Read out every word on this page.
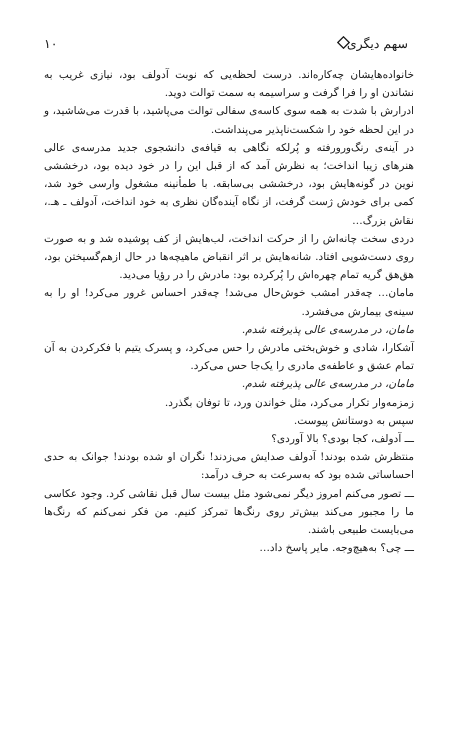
سهم دیگری
۱۰

خانواده‌هایشان چه‌کاره‌اند. درست لحظه‌یی که نوبت آدولف بود، نیازی غریب به نشاندن او را فرا گرفت و سراسیمه به سمت توالت دوید.

ادرارش با شدت به همه سوی کاسه‌ی سفالی توالت می‌پاشید، با قدرت می‌شاشید، و در این لحظه خود را شکست‌ناپذیر می‌پنداشت.

در آینه‌ی رنگ‌ورورفته و پُرلکه نگاهی به قیافه‌ی دانشجوی جدید مدرسه‌ی عالی هنرهای زیبا انداخت؛ به نظرش آمد که از قبل این را در خود دیده بود، درخششی نوین در گونه‌هایش بود، درخششی بی‌سابقه. با طمأنینه مشغول وارسی خود شد، کمی برای خودش ژست گرفت، از نگاه آینده‌گان نظری به خود انداخت، آدولف ـ هـ.، نقاش بزرگ…

دردی سخت چانه‌اش را از حرکت انداخت، لب‌هایش از کف پوشیده شد و به صورت روی دست‌شویی افتاد. شانه‌هایش بر اثر انقباض ماهیچه‌ها در حال ازهم‌گسیختن بود، هق‌هق گریه تمام چهره‌اش را پُرکرده بود: مادرش را در رؤیا می‌دید.

ماما‌ن… چه‌قدر امشب خوش‌حال می‌شد! چه‌قدر احساس غرور می‌کرد! او را به سینه‌ی بیمارش می‌فشرد.

ماما‌ن، در مدرسه‌ی عالی پذیرفته شدم.

آشکارا، شادی و خوش‌بختی مادرش را حس می‌کرد، و پسرک یتیم با فکرکردن به آن تمام عشق و عاطفه‌ی مادری را یک‌جا حس می‌کرد.

ماما‌ن، در مدرسه‌ی عالی پذیرفته شدم.

زمزمه‌وار تکرار می‌کرد، مثل خواندن ورد، تا توفان بگذرد.

سپس به دوستانش پیوست.

ـــ آدولف، کجا بودی؟ بالا آوردی؟

منتظرش شده بودند! آدولف صدایش می‌زدند! نگران او شده بودند! جوانک به حدی احساساتی شده بود که به‌سرعت به حرف درآمد:

ـــ تصور می‌کنم امروز دیگر نمی‌شود مثل بیست سال قبل نقاشی کرد. وجود عکاسی ما را مجبور می‌کند بیش‌تر روی رنگ‌ها تمرکز کنیم. من فکر نمی‌کنم که رنگ‌ها می‌بایست طبیعی باشند.

ـــ چی؟ به‌هیچ‌وجه. مایر پاسخ داد…
